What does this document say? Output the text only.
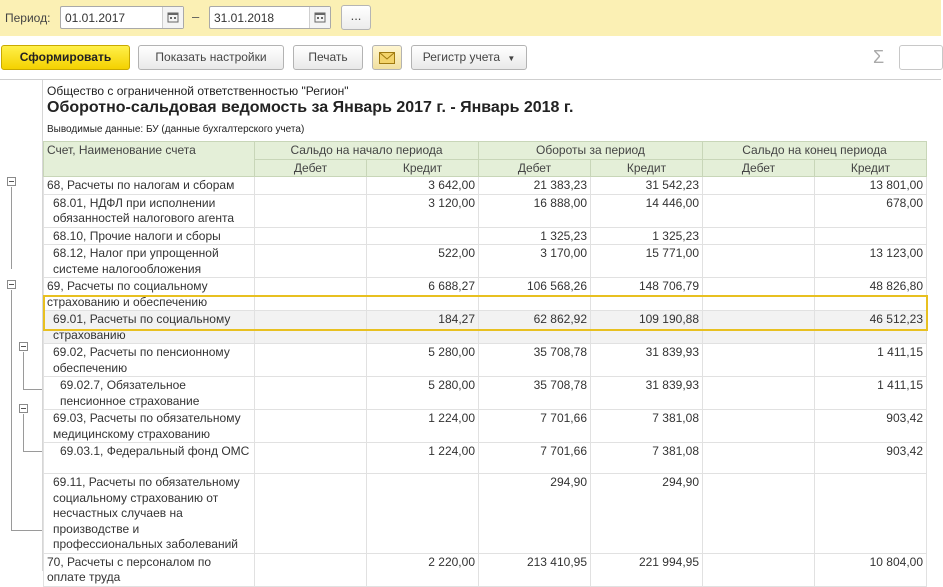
Период: 01.01.2017	– 31.01.2018	...
Сформировать	Показать настройки	Печать	Регистр учета ▼	Σ
Общество с ограниченной ответственностью "Регион"
Оборотно-сальдовая ведомость за Январь 2017 г. - Январь 2018 г.
Выводимые данные: БУ (данные бухгалтерского учета)
Счет, Наименование счета	Сальдо на начало периода		Обороты за период		Сальдо на конец периода	
	Дебет	Кредит	Дебет	Кредит	Дебет	Кредит
68, Расчеты по налогам и сборам		3 642,00	21 383,23	31 542,23		13 801,00
68.01, НДФЛ при исполнении обязанностей налогового агента		3 120,00	16 888,00	14 446,00		678,00
68.10, Прочие налоги и сборы			1 325,23	1 325,23		
68.12, Налог при упрощенной системе налогообложения		522,00	3 170,00	15 771,00		13 123,00
69, Расчеты по социальному страхованию и обеспечению		6 688,27	106 568,26	148 706,79		48 826,80
69.01, Расчеты по социальному страхованию		184,27	62 862,92	109 190,88		46 512,23
69.02, Расчеты по пенсионному обеспечению		5 280,00	35 708,78	31 839,93		1 411,15
69.02.7, Обязательное пенсионное страхование		5 280,00	35 708,78	31 839,93		1 411,15
69.03, Расчеты по обязательному медицинскому страхованию		1 224,00	7 701,66	7 381,08		903,42
69.03.1, Федеральный фонд ОМС		1 224,00	7 701,66	7 381,08		903,42
69.11, Расчеты по обязательному социальному страхованию от несчастных случаев на производстве и профессиональных заболеваний			294,90	294,90		
70, Расчеты с персоналом по оплате труда		2 220,00	213 410,95	221 994,95		10 804,00
